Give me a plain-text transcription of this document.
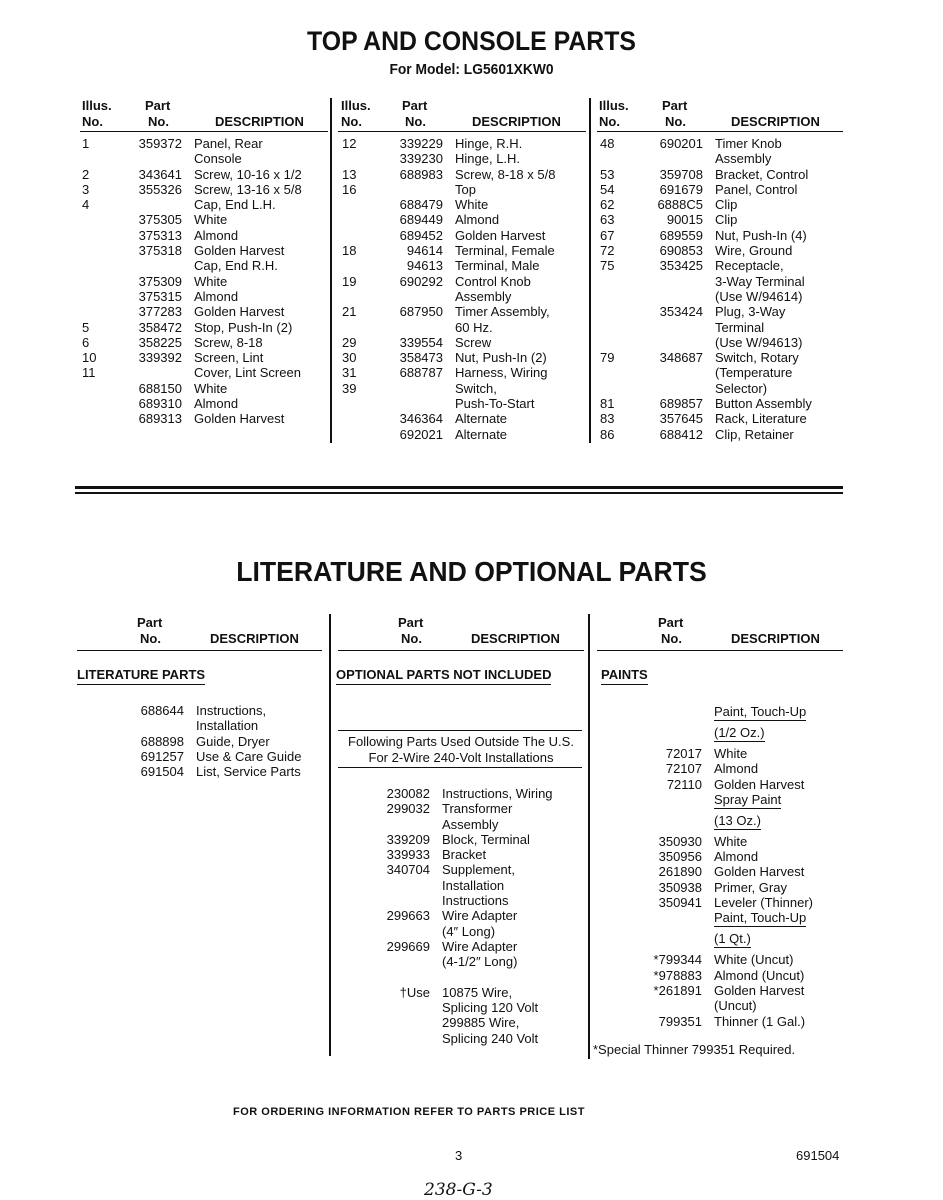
TOP AND CONSOLE PARTS
For Model: LG5601XKW0
Illus.
No.
Part
No.	DESCRIPTION
Illus.
No.
Part
No.	DESCRIPTION
Illus.
No.
Part
No.	DESCRIPTION
1	359372 Panel, Rear
Console
2	343641 Screw, 10-16 x 1/2
3	355326 Screw, 13-16 x 5/8
4	Cap, End L.H.
375305 White
375313 Almond
375318 Golden Harvest
Cap, End R.H.
375309 White
375315 Almond
377283 Golden Harvest
5	358472 Stop, Push-In (2)
6	358225 Screw, 8-18
10	339392 Screen, Lint
11	Cover, Lint Screen
688150 White
689310 Almond
689313 Golden Harvest
12	339229 Hinge, R.H.
339230 Hinge, L.H.
13	688983 Screw, 8-18 x 5/8
16	Top
688479 White
689449 Almond
689452 Golden Harvest
18	94614 Terminal, Female
94613 Terminal, Male
19	690292 Control Knob
Assembly
21	687950 Timer Assembly,
60 Hz.
29	339554 Screw
30	358473 Nut, Push-In (2)
31	688787 Harness, Wiring
39	Switch,
Push-To-Start
346364 Alternate
692021 Alternate
48	690201 Timer Knob
Assembly
53	359708 Bracket, Control
54	691679 Panel, Control
62	6888C5 Clip
63	90015 Clip
67	689559 Nut, Push-In (4)
72	690853 Wire, Ground
75	353425 Receptacle,
3-Way Terminal
(Use W/94614)
353424 Plug, 3-Way
Terminal
(Use W/94613)
79	348687 Switch, Rotary
(Temperature
Selector)
81	689857 Button Assembly
83	357645 Rack, Literature
86	688412 Clip, Retainer
LITERATURE AND OPTIONAL PARTS
Part
No.	DESCRIPTION
Part
No.	DESCRIPTION
Part
No.	DESCRIPTION
LITERATURE PARTS	OPTIONAL PARTS NOT INCLUDED	PAINTS
Following Parts Used Outside The U.S.
For 2-Wire 240-Volt Installations
688644 Instructions,
Installation
688898 Guide, Dryer
691257 Use & Care Guide
691504 List, Service Parts
230082 Instructions, Wiring
299032 Transformer
Assembly
339209 Block, Terminal
339933 Bracket
340704 Supplement,
Installation
Instructions
299663 Wire Adapter
(4″ Long)
299669 Wire Adapter
(4-1/2″ Long)
†Use 10875 Wire,
Splicing 120 Volt
299885 Wire,
Splicing 240 Volt
Paint, Touch-Up
(1/2 Oz.)
72017 White
72107 Almond
72110 Golden Harvest
Spray Paint
(13 Oz.)
350930 White
350956 Almond
261890 Golden Harvest
350938 Primer, Gray
350941 Leveler (Thinner)
Paint, Touch-Up
(1 Qt.)
*799344 White (Uncut)
*978883 Almond (Uncut)
*261891 Golden Harvest
(Uncut)
799351 Thinner (1 Gal.)
*Special Thinner 799351 Required.
FOR ORDERING INFORMATION REFER TO PARTS PRICE LIST
3	691504
238-G-3
